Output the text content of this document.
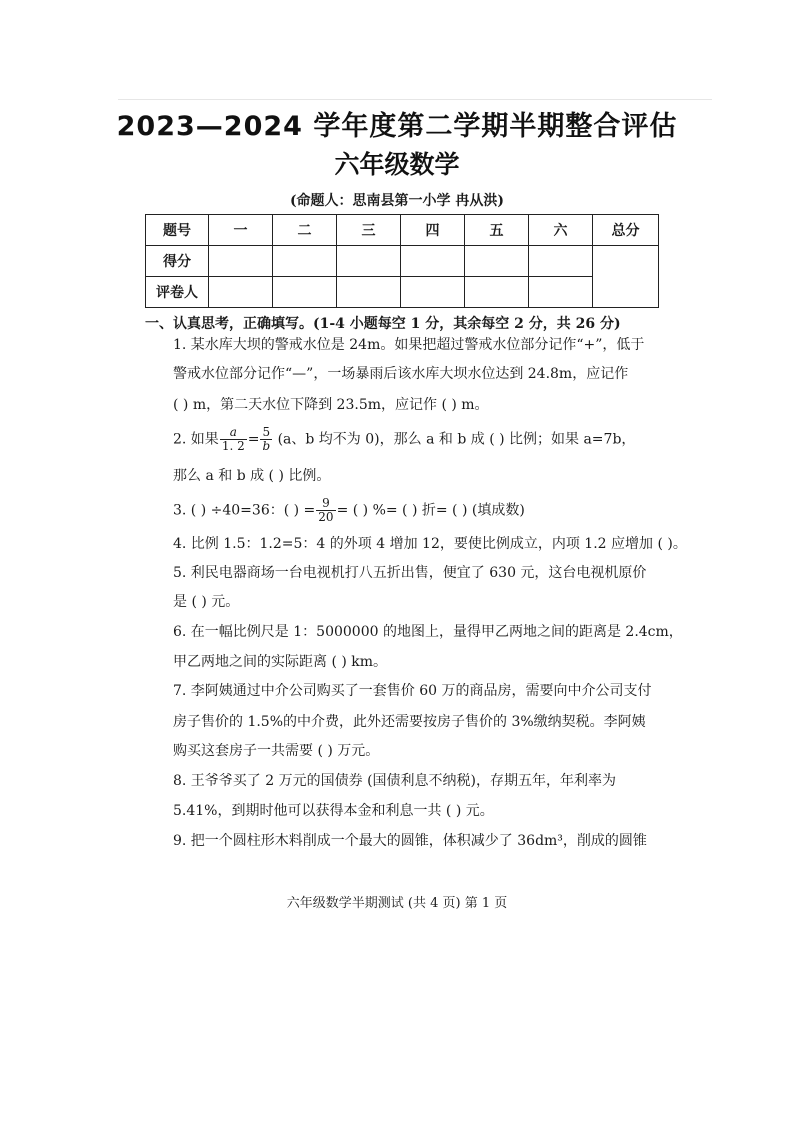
2023—2024 学年度第二学期半期整合评估
六年级数学
(命题人：思南县第一小学 冉从洪)
题号	一	二	三	四	五	六	总分
得分							
评卷人							
一、认真思考，正确填写。(1-4 小题每空 1 分，其余每空 2 分，共 26 分)
1. 某水库大坝的警戒水位是 24m。如果把超过警戒水位部分记作“+”，低于
警戒水位部分记作“—”，一场暴雨后该水库大坝水位达到 24.8m，应记作
( ) m，第二天水位下降到 23.5m，应记作 ( ) m。
2. 如果 $\frac{a}{1. 2} = \frac{5}{b} (a$、b 均不为 0)，那么 a 和 b 成 ( ) 比例；如果 a=7b，
那么 a 和 b 成 ( ) 比例。
3. ( ) ÷40=36：( ) = $\frac{9}{20}$ = ( ) %= ( ) 折= ( ) (填成数)
4. 比例 1.5：1.2=5：4 的外项 4 增加 12，要使比例成立，内项 1.2 应增加 ( )。
5. 利民电器商场一台电视机打八五折出售，便宜了 630 元，这台电视机原价
是 ( ) 元。
6. 在一幅比例尺是 1：5000000 的地图上，量得甲乙两地之间的距离是 2.4cm，
甲乙两地之间的实际距离 ( ) km。
7. 李阿姨通过中介公司购买了一套售价 60 万的商品房，需要向中介公司支付
房子售价的 1.5%的中介费，此外还需要按房子售价的 3%缴纳契税。李阿姨
购买这套房子一共需要 ( ) 万元。
8. 王爷爷买了 2 万元的国债券 (国债利息不纳税)，存期五年，年利率为
5.41%，到期时他可以获得本金和利息一共 ( ) 元。
9. 把一个圆柱形木料削成一个最大的圆锥，体积减少了 36dm³，削成的圆锥
六年级数学半期测试 (共 4 页) 第 1 页
